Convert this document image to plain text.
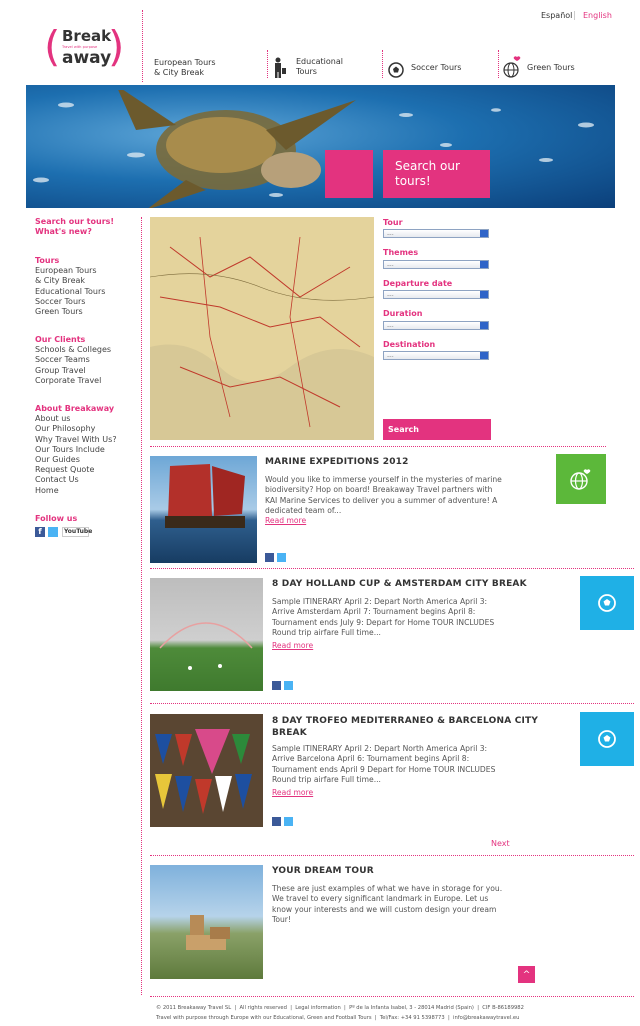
Español English
( )
Break
Travel with purpose
away	European Tours
& City Break
Educational
Tours	Soccer Tours	Green Tours
Search our
tours!
Search our tours!
What's new?
Tours
European Tours
& City Break
Educational Tours
Soccer Tours
Green Tours
Our Clients
Schools & Colleges
Soccer Teams
Group Travel
Corporate Travel
About Breakaway
About us
Our Philosophy
Why Travel With Us?
Our Tours Include
Our Guides
Request Quote
Contact Us
Home
Follow us
f	YouTube
Tour
---
Themes
---
Departure date
---
Duration
---
Destination
---
Search
MARINE EXPEDITIONS 2012
Would you like to immerse yourself in the mysteries of marine
biodiversity? Hop on board! Breakaway Travel partners with
KAI Marine Services to deliver you a summer of adventure! A
dedicated team of...
Read more
8 DAY HOLLAND CUP & AMSTERDAM CITY BREAK
Sample ITINERARY April 2: Depart North America April 3:
Arrive Amsterdam April 7: Tournament begins April 8:
Tournament ends July 9: Depart for Home TOUR INCLUDES
Round trip airfare Full time...
Read more
8 DAY TROFEO MEDITERRANEO & BARCELONA CITY
BREAK
Sample ITINERARY April 2: Depart North America April 3:
Arrive Barcelona April 6: Tournament begins April 8:
Tournament ends April 9 Depart for Home TOUR INCLUDES
Round trip airfare Full time...
Read more
Next
YOUR DREAM TOUR
These are just examples of what we have in storage for you.
We travel to every significant landmark in Europe. Let us
know your interests and we will custom design your dream
Tour!
^
© 2011 Breakaway Travel SL  |  All rights reserved  |  Legal information  |  Pº de la Infanta Isabel, 3 - 28014 Madrid (Spain)  |  CIF B-86189982
Travel with purpose through Europe with our Educational, Green and Football Tours  |  Tel/Fax: +34 91 5398773  |  info@breakawaytravel.eu
